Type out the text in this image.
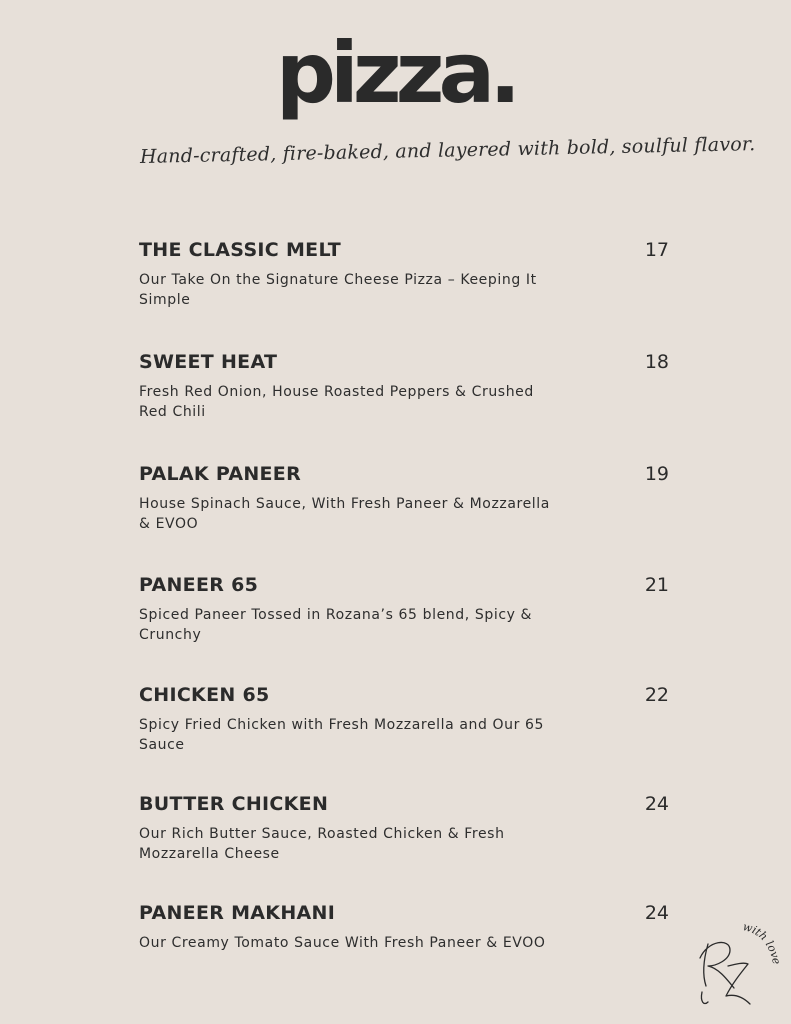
pizza.
Hand-crafted, fire-baked, and layered with bold, soulful flavor.
THE CLASSIC MELT	17
Our Take On the Signature Cheese Pizza – Keeping It Simple
SWEET HEAT	18
Fresh Red Onion, House Roasted Peppers & Crushed Red Chili
PALAK PANEER	19
House Spinach Sauce, With Fresh Paneer & Mozzarella & EVOO
PANEER 65	21
Spiced Paneer Tossed in Rozana’s 65 blend, Spicy & Crunchy
CHICKEN 65	22
Spicy Fried Chicken with Fresh Mozzarella and Our 65 Sauce
BUTTER CHICKEN	24
Our Rich Butter Sauce, Roasted Chicken & Fresh Mozzarella Cheese
PANEER MAKHANI	24
Our Creamy Tomato Sauce With Fresh Paneer & EVOO
with love
